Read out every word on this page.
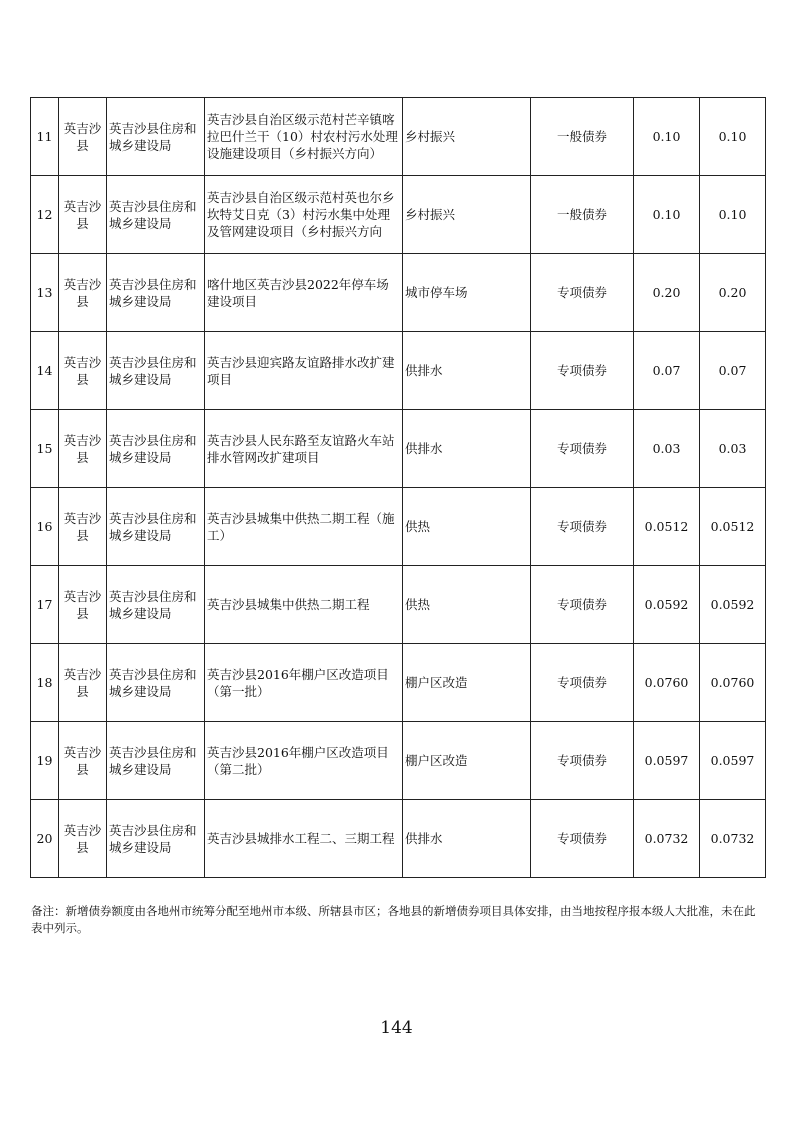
11	英吉沙县	英吉沙县住房和城乡建设局	英吉沙县自治区级示范村芒辛镇喀拉巴什兰干（10）村农村污水处理设施建设项目（乡村振兴方向）	乡村振兴	一般债券	0.10	0.10
12	英吉沙县	英吉沙县住房和城乡建设局	英吉沙县自治区级示范村英也尔乡坎特艾日克（3）村污水集中处理及管网建设项目（乡村振兴方向	乡村振兴	一般债券	0.10	0.10
13	英吉沙县	英吉沙县住房和城乡建设局	喀什地区英吉沙县2022年停车场建设项目	城市停车场	专项债券	0.20	0.20
14	英吉沙县	英吉沙县住房和城乡建设局	英吉沙县迎宾路友谊路排水改扩建项目	供排水	专项债券	0.07	0.07
15	英吉沙县	英吉沙县住房和城乡建设局	英吉沙县人民东路至友谊路火车站排水管网改扩建项目	供排水	专项债券	0.03	0.03
16	英吉沙县	英吉沙县住房和城乡建设局	英吉沙县城集中供热二期工程（施工）	供热	专项债券	0.0512	0.0512
17	英吉沙县	英吉沙县住房和城乡建设局	英吉沙县城集中供热二期工程	供热	专项债券	0.0592	0.0592
18	英吉沙县	英吉沙县住房和城乡建设局	英吉沙县2016年棚户区改造项目（第一批）	棚户区改造	专项债券	0.0760	0.0760
19	英吉沙县	英吉沙县住房和城乡建设局	英吉沙县2016年棚户区改造项目（第二批）	棚户区改造	专项债券	0.0597	0.0597
20	英吉沙县	英吉沙县住房和城乡建设局	英吉沙县城排水工程二、三期工程	供排水	专项债券	0.0732	0.0732

备注：新增债券额度由各地州市统筹分配至地州市本级、所辖县市区；各地县的新增债券项目具体安排，由当地按程序报本级人大批准，未在此表中列示。

144
